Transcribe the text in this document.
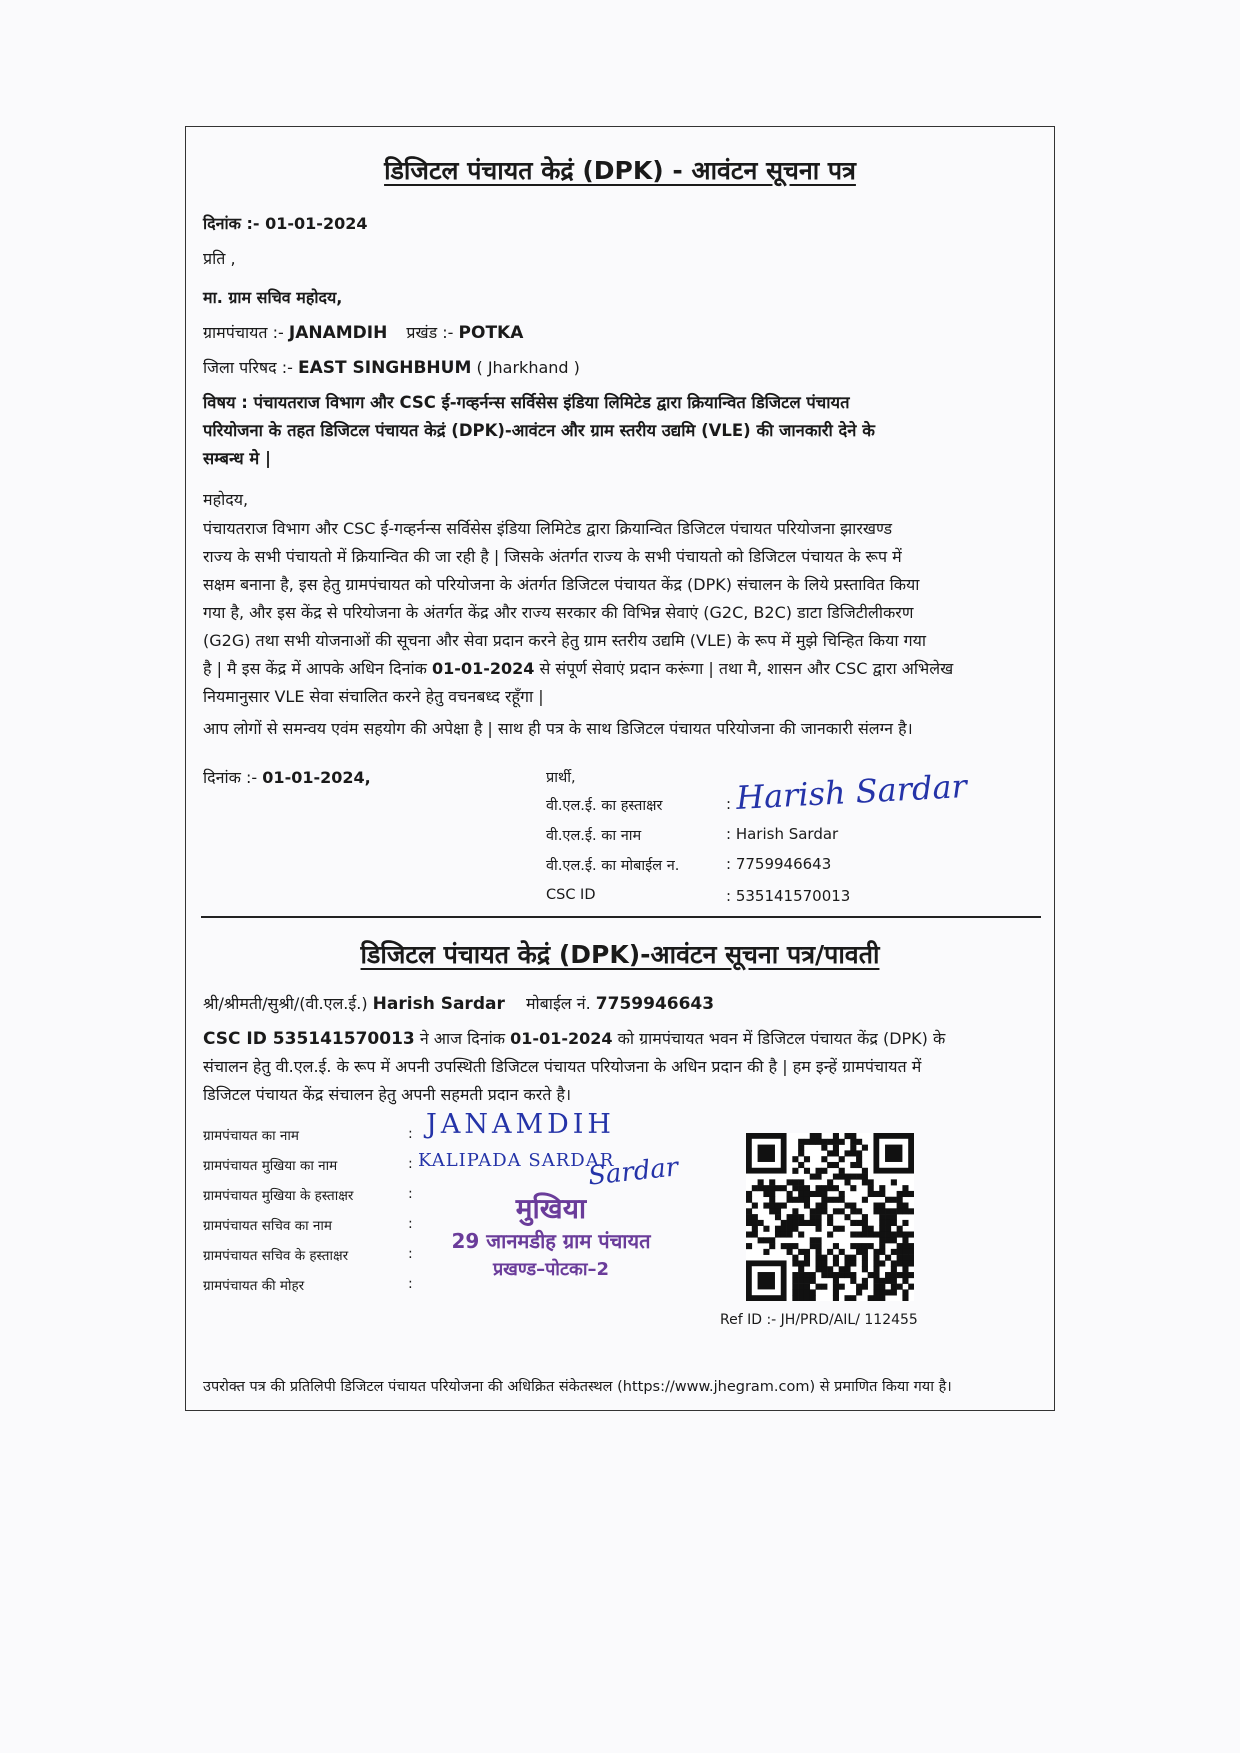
डिजिटल पंचायत केद्रं (DPK) - आवंटन सूचना पत्र
दिनांक :- 01-01-2024
प्रति ,
मा. ग्राम सचिव महोदय,
ग्रामपंचायत :- JANAMDIH प्रखंड :- POTKA
जिला परिषद :- EAST SINGHBHUM ( Jharkhand )
विषय : पंचायतराज विभाग और CSC ई-गव्हर्नन्स सर्विसेस इंडिया लिमिटेड द्वारा क्रियान्वित डिजिटल पंचायत
परियोजना के तहत डिजिटल पंचायत केद्रं (DPK)-आवंटन और ग्राम स्तरीय उद्यमि (VLE) की जानकारी देने के
सम्बन्ध मे |
महोदय,
पंचायतराज विभाग और CSC ई-गव्हर्नन्स सर्विसेस इंडिया लिमिटेड द्वारा क्रियान्वित डिजिटल पंचायत परियोजना झारखण्ड
राज्य के सभी पंचायतो में क्रियान्वित की जा रही है | जिसके अंतर्गत राज्य के सभी पंचायतो को डिजिटल पंचायत के रूप में
सक्षम बनाना है, इस हेतु ग्रामपंचायत को परियोजना के अंतर्गत डिजिटल पंचायत केंद्र (DPK) संचालन के लिये प्रस्तावित किया
गया है, और इस केंद्र से परियोजना के अंतर्गत केंद्र और राज्य सरकार की विभिन्न सेवाएं (G2C, B2C) डाटा डिजिटीलीकरण
(G2G) तथा सभी योजनाओं की सूचना और सेवा प्रदान करने हेतु ग्राम स्तरीय उद्यमि (VLE) के रूप में मुझे चिन्हित किया गया
है | मै इस केंद्र में आपके अधिन दिनांक 01-01-2024 से संपूर्ण सेवाएं प्रदान करूंगा | तथा मै, शासन और CSC द्वारा अभिलेख
नियमानुसार VLE सेवा संचालित करने हेतु वचनबध्द रहूँगा |
आप लोगों से समन्वय एवंम सहयोग की अपेक्षा है | साथ ही पत्र के साथ डिजिटल पंचायत परियोजना की जानकारी संलग्न है।
दिनांक :- 01-01-2024,	प्रार्थी,
वी.एल.ई. का हस्ताक्षर	: Harish Sardar
वी.एल.ई. का नाम	: Harish Sardar
वी.एल.ई. का मोबाईल न.	: 7759946643
CSC ID	: 535141570013
डिजिटल पंचायत केद्रं (DPK)-आवंटन सूचना पत्र/पावती
श्री/श्रीमती/सुश्री/(वी.एल.ई.) Harish Sardar मोबाईल नं. 7759946643
CSC ID 535141570013 ने आज दिनांक 01-01-2024 को ग्रामपंचायत भवन में डिजिटल पंचायत केंद्र (DPK) के
संचालन हेतु वी.एल.ई. के रूप में अपनी उपस्थिती डिजिटल पंचायत परियोजना के अधिन प्रदान की है | हम इन्हें ग्रामपंचायत में
डिजिटल पंचायत केंद्र संचालन हेतु अपनी सहमती प्रदान करते है।
ग्रामपंचायत का नाम	: JANAMDIH
ग्रामपंचायत मुखिया का नाम	: KALIPADA SARDAR
Sardar
ग्रामपंचायत मुखिया के हस्ताक्षर	:
ग्रामपंचायत सचिव का नाम	:
ग्रामपंचायत सचिव के हस्ताक्षर	:
ग्रामपंचायत की मोहर	:
मुखिया
29 जानमडीह ग्राम पंचायत
प्रखण्ड–पोटका–2
Ref ID :- JH/PRD/AIL/ 112455
उपरोक्त पत्र की प्रतिलिपी डिजिटल पंचायत परियोजना की अधिक्रित संकेतस्थल (https://www.jhegram.com) से प्रमाणित किया गया है।
